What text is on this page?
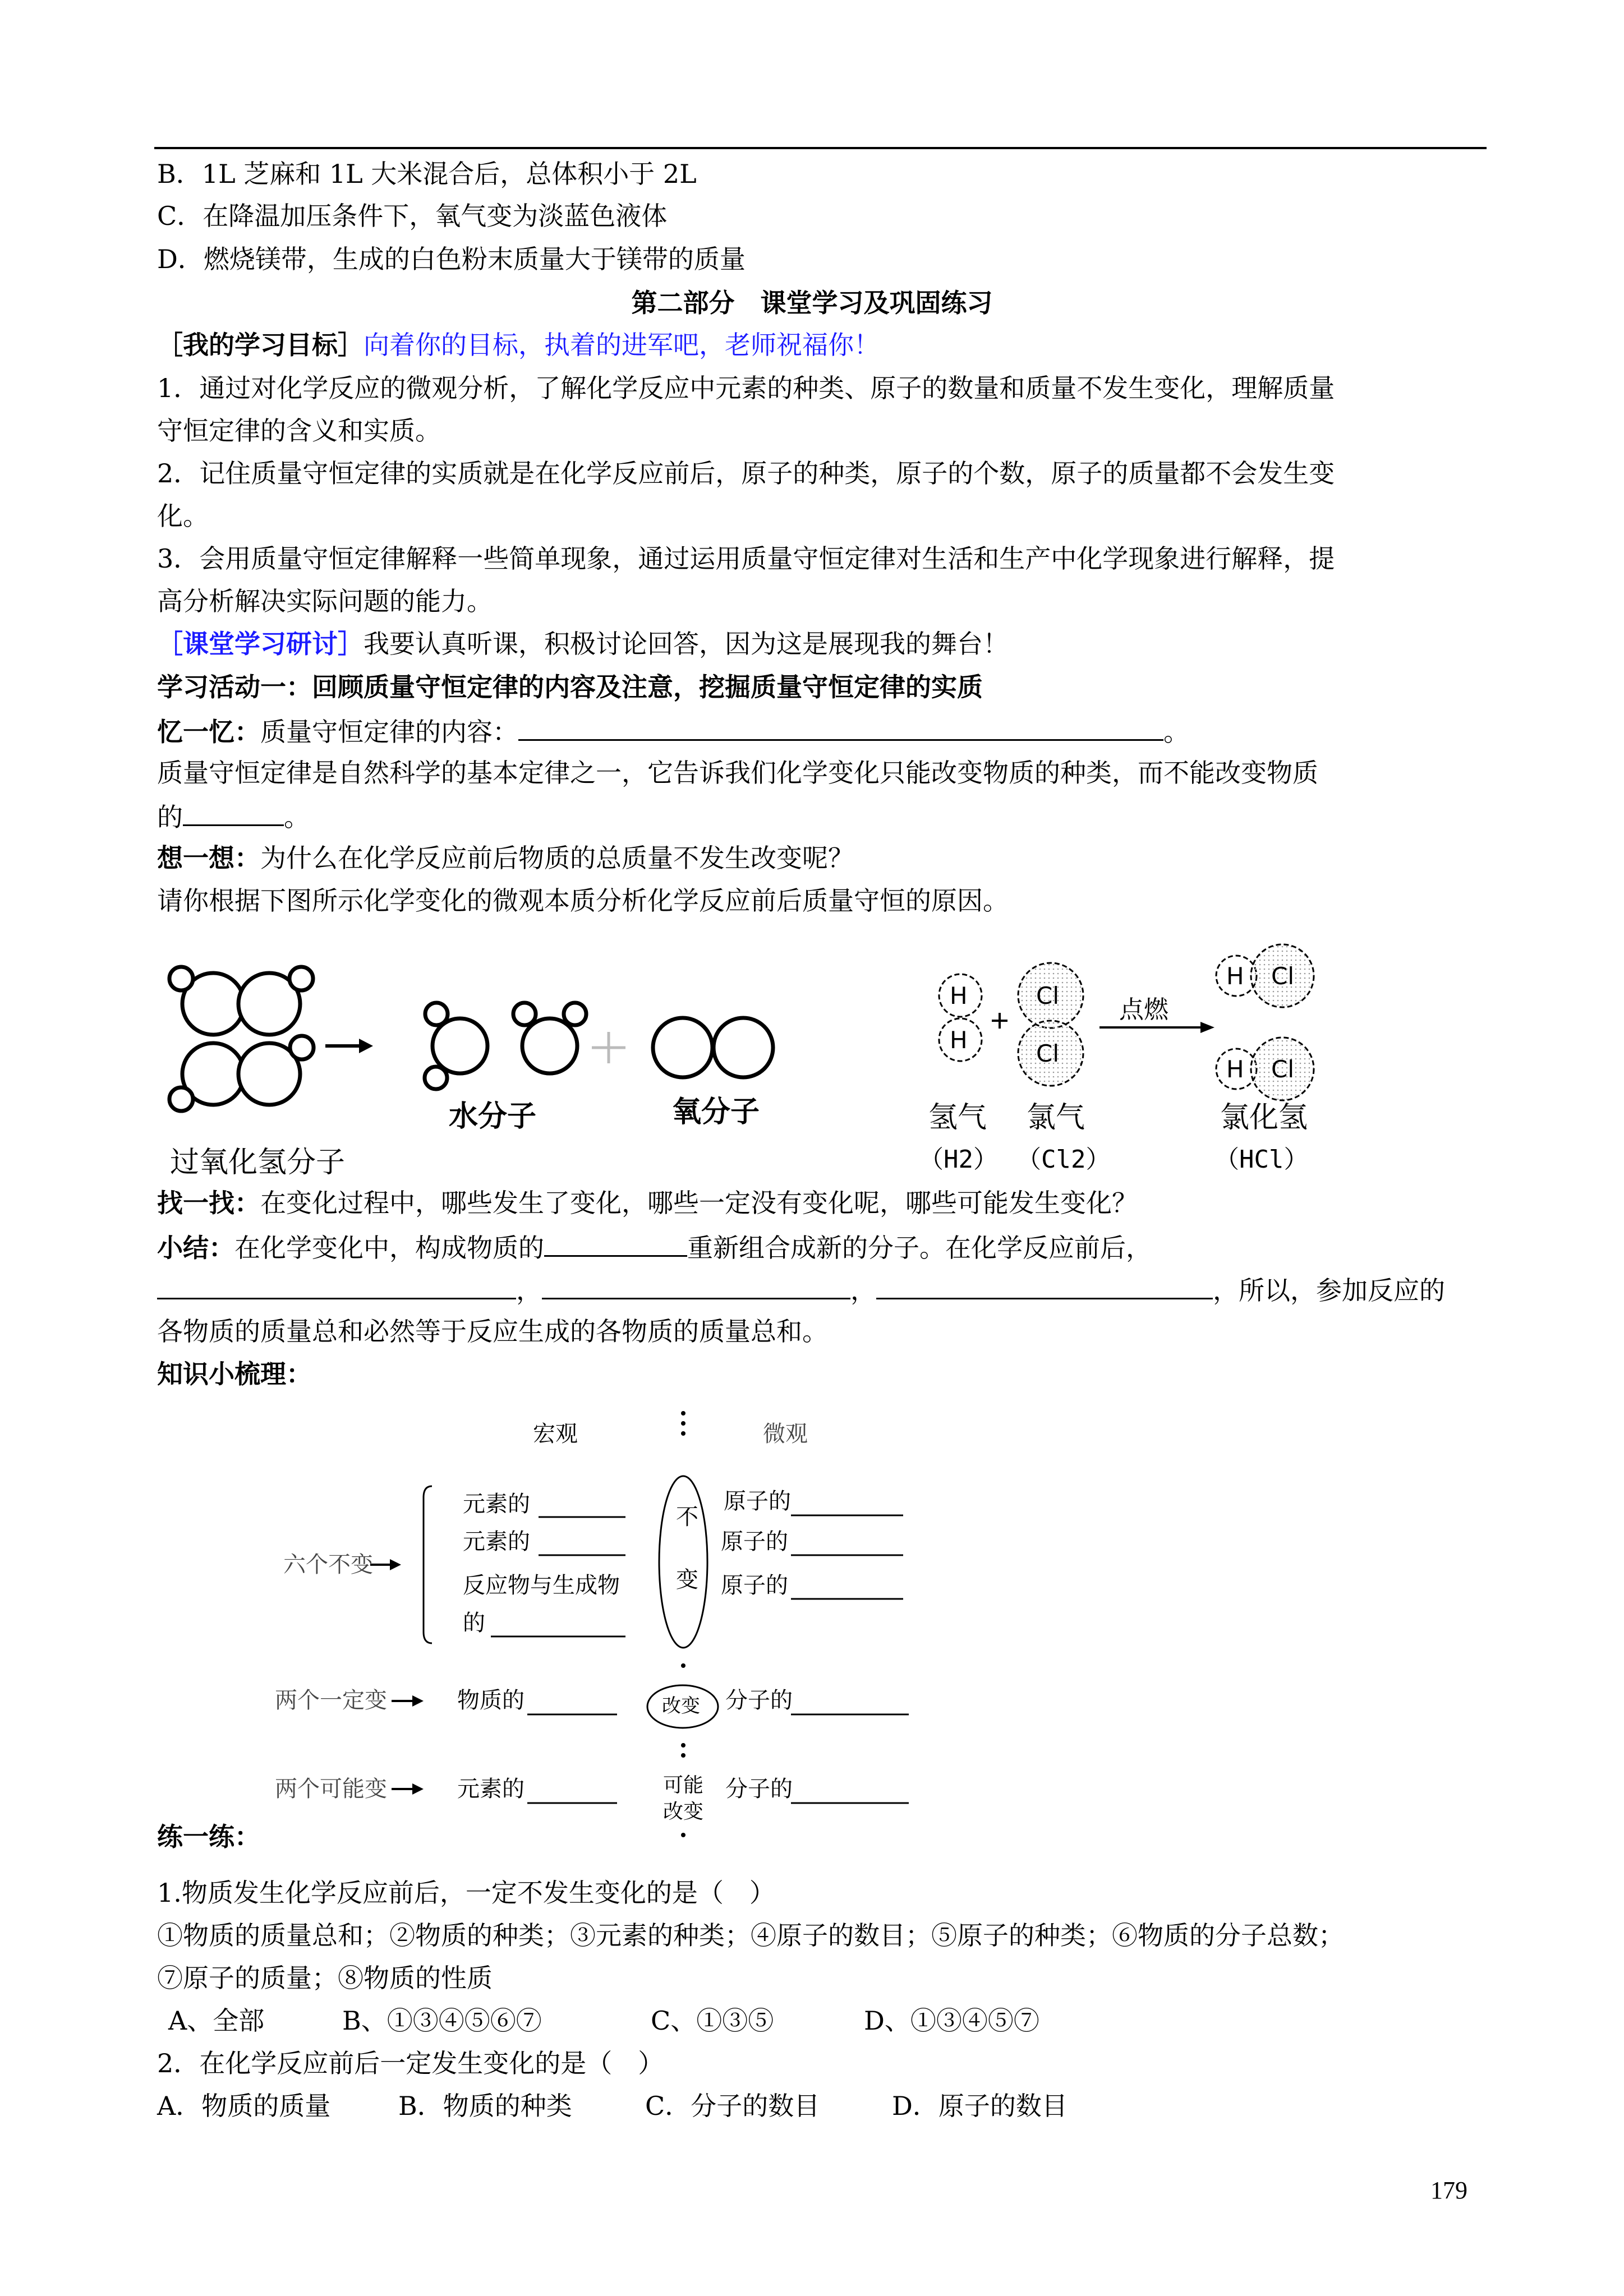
B．1L 芝麻和 1L 大米混合后，总体积小于 2L
C．在降温加压条件下，氧气变为淡蓝色液体
D．燃烧镁带，生成的白色粉末质量大于镁带的质量
第二部分　课堂学习及巩固练习
［我的学习目标］向着你的目标，执着的进军吧，老师祝福你！
1．通过对化学反应的微观分析，了解化学反应中元素的种类、原子的数量和质量不发生变化，理解质量
守恒定律的含义和实质。
2．记住质量守恒定律的实质就是在化学反应前后，原子的种类，原子的个数，原子的质量都不会发生变
化。
3．会用质量守恒定律解释一些简单现象，通过运用质量守恒定律对生活和生产中化学现象进行解释，提
高分析解决实际问题的能力。
［课堂学习研讨］我要认真听课，积极讨论回答，因为这是展现我的舞台！
学习活动一：回顾质量守恒定律的内容及注意，挖掘质量守恒定律的实质
忆一忆：质量守恒定律的内容：	。
质量守恒定律是自然科学的基本定律之一，它告诉我们化学变化只能改变物质的种类，而不能改变物质
的	。
想一想：为什么在化学反应前后物质的总质量不发生改变呢？
请你根据下图所示化学变化的微观本质分析化学反应前后质量守恒的原因。
过氧化氢分子
水分子	氧分子
H
H
Cl
Cl
H Cl
H Cl
点燃
氢气 氯气	氯化氢
（H2） （Cl2）	（HCl）
找一找：在变化过程中，哪些发生了变化，哪些一定没有变化呢，哪些可能发生变化？
小结：在化学变化中，构成物质的	重新组合成新的分子。在化学反应前后，
，	，	，所以，参加反应的
各物质的质量总和必然等于反应生成的各物质的质量总和。
知识小梳理：
宏观	微观
六个不变
元素的
元素的
反应物与生成物
的
不
变
原子的
原子的
原子的
两个一定变	物质的	改变 分子的
两个可能变	元素的	可能
改变
分子的
练一练：
1.物质发生化学反应前后，一定不发生变化的是（　）
①物质的质量总和；②物质的种类；③元素的种类；④原子的数目；⑤原子的种类；⑥物质的分子总数；
⑦原子的质量；⑧物质的性质
A、全部	B、①③④⑤⑥⑦	C、①③⑤	D、①③④⑤⑦
2．在化学反应前后一定发生变化的是（　）
A．物质的质量	B．物质的种类	C．分子的数目	D．原子的数目
179
